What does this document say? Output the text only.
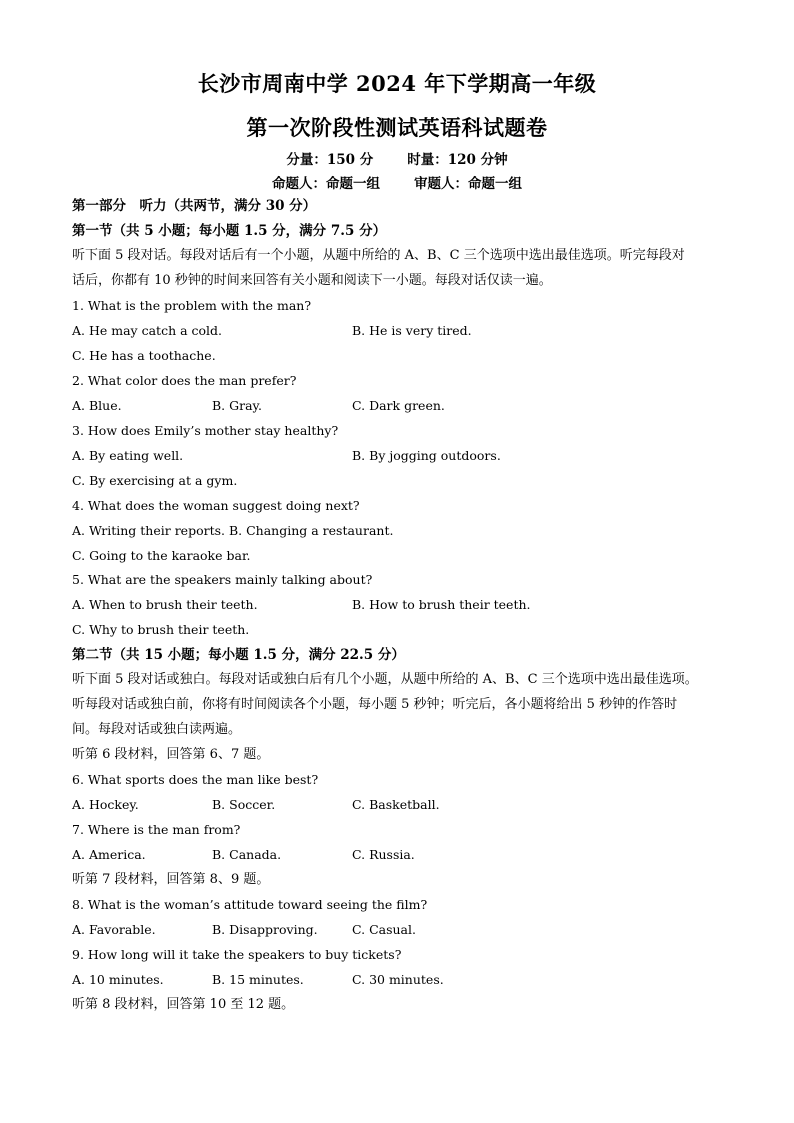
长沙市周南中学 2024 年下学期高一年级
第一次阶段性测试英语科试题卷
分量：150 分	时量：120 分钟
命题人：命题一组	审题人：命题一组
第一部分　听力（共两节，满分 30 分）
第一节（共 5 小题；每小题 1.5 分，满分 7.5 分）
听下面 5 段对话。每段对话后有一个小题，从题中所给的 A、B、C 三个选项中选出最佳选项。听完每段对
话后，你都有 10 秒钟的时间来回答有关小题和阅读下一小题。每段对话仅读一遍。
1. What is the problem with the man?
A. He may catch a cold.	B. He is very tired.
C. He has a toothache.
2. What color does the man prefer?
A. Blue.	B. Gray.	C. Dark green.
3. How does Emily’s mother stay healthy?
A. By eating well.	B. By jogging outdoors.
C. By exercising at a gym.
4. What does the woman suggest doing next?
A. Writing their reports. B. Changing a restaurant.
C. Going to the karaoke bar.
5. What are the speakers mainly talking about?
A. When to brush their teeth.	B. How to brush their teeth.
C. Why to brush their teeth.
第二节（共 15 小题；每小题 1.5 分，满分 22.5 分）
听下面 5 段对话或独白。每段对话或独白后有几个小题，从题中所给的 A、B、C 三个选项中选出最佳选项。
听每段对话或独白前，你将有时间阅读各个小题，每小题 5 秒钟；听完后，各小题将给出 5 秒钟的作答时
间。每段对话或独白读两遍。
听第 6 段材料，回答第 6、7 题。
6. What sports does the man like best?
A. Hockey.	B. Soccer.	C. Basketball.
7. Where is the man from?
A. America.	B. Canada.	C. Russia.
听第 7 段材料，回答第 8、9 题。
8. What is the woman’s attitude toward seeing the film?
A. Favorable.	B. Disapproving.	C. Casual.
9. How long will it take the speakers to buy tickets?
A. 10 minutes.	B. 15 minutes.	C. 30 minutes.
听第 8 段材料，回答第 10 至 12 题。
